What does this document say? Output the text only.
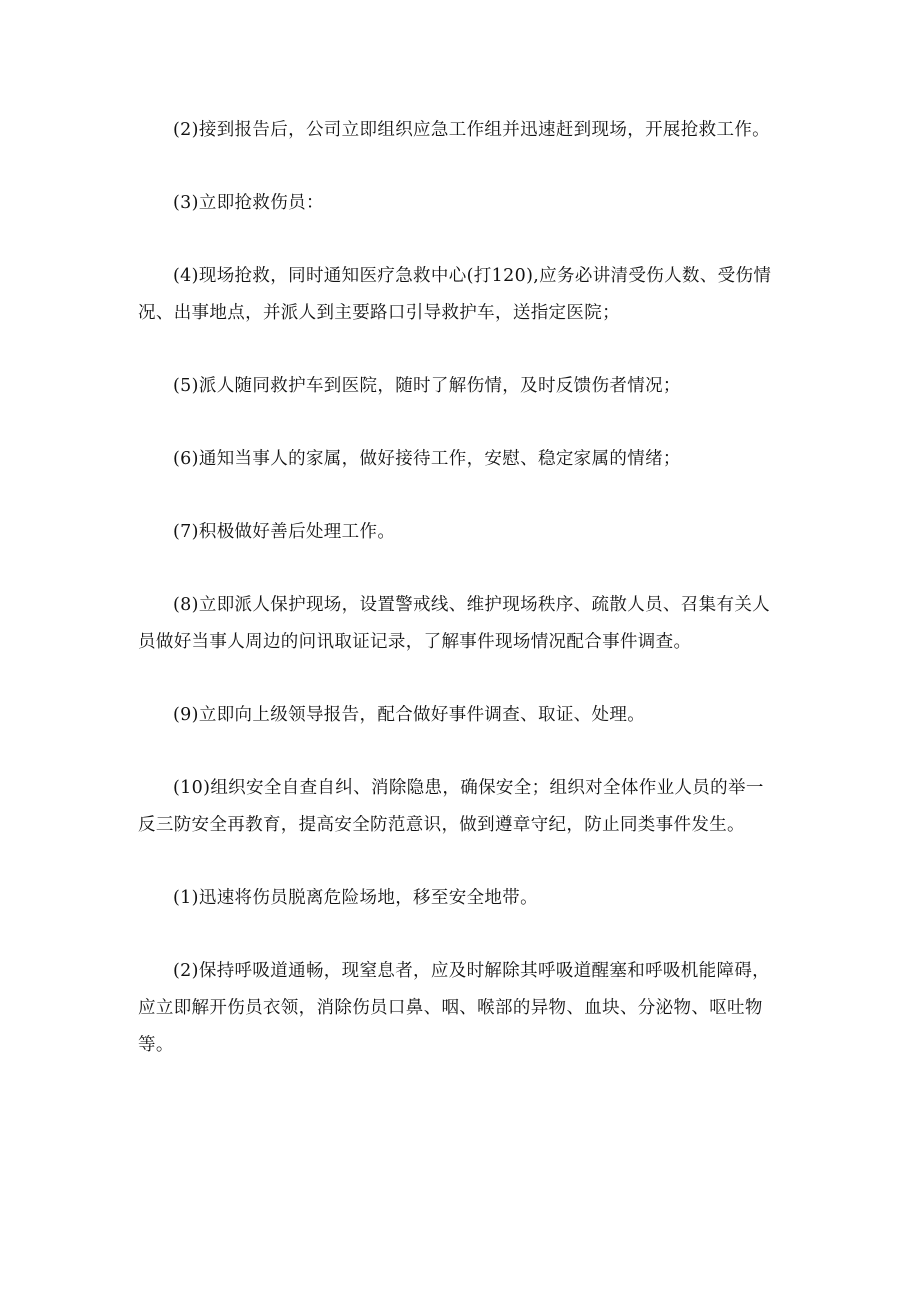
(2)接到报告后，公司立即组织应急工作组并迅速赶到现场，开展抢救工作。

(3)立即抢救伤员：

(4)现场抢救，同时通知医疗急救中心(打120),应务必讲清受伤人数、受伤情
况、出事地点，并派人到主要路口引导救护车，送指定医院；

(5)派人随同救护车到医院，随时了解伤情，及时反馈伤者情况；

(6)通知当事人的家属，做好接待工作，安慰、稳定家属的情绪；

(7)积极做好善后处理工作。

(8)立即派人保护现场，设置警戒线、维护现场秩序、疏散人员、召集有关人
员做好当事人周边的问讯取证记录，了解事件现场情况配合事件调查。

(9)立即向上级领导报告，配合做好事件调查、取证、处理。

(10)组织安全自查自纠、消除隐患，确保安全；组织对全体作业人员的举一
反三防安全再教育，提高安全防范意识，做到遵章守纪，防止同类事件发生。

(1)迅速将伤员脱离危险场地，移至安全地带。

(2)保持呼吸道通畅，现窒息者，应及时解除其呼吸道醒塞和呼吸机能障碍，
应立即解开伤员衣领，消除伤员口鼻、咽、喉部的异物、血块、分泌物、呕吐物
等。
